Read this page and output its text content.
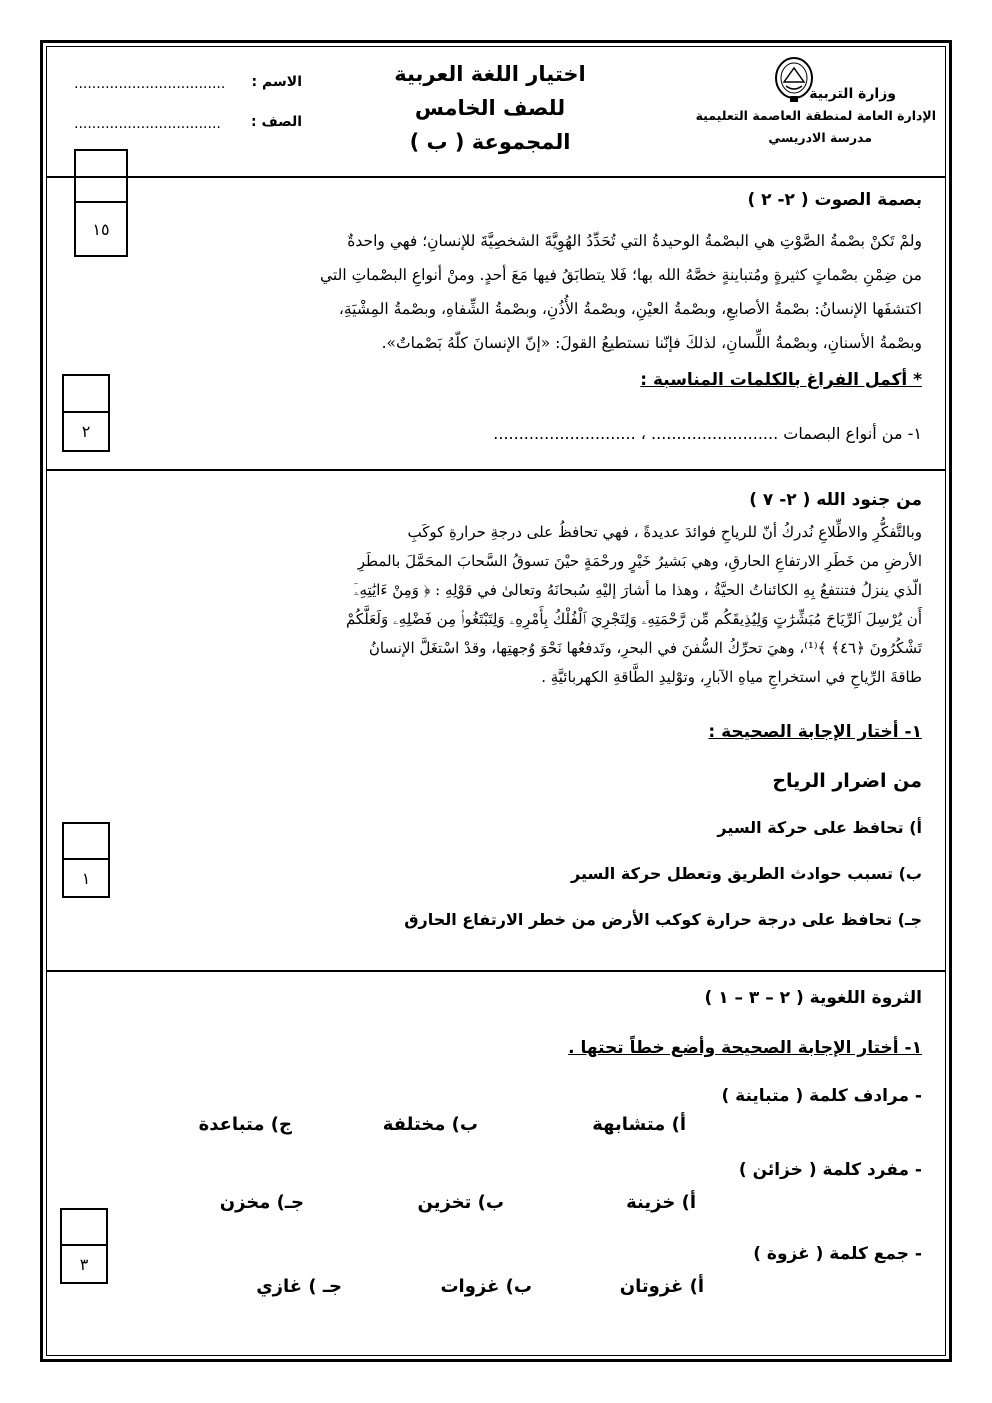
وزارة التربية
الإدارة العامة لمنطقة العاصمة التعليمية
مدرسة الادريسي
اختيار اللغة العربية
للصف الخامس
المجموعة ( ب )
الاسم :
..................................
الصف :
.................................
١٥
بصمة الصوت ( ٢- ٢ )
ولمْ تَكنْ بصْمةُ الصَّوْتِ هي البصْمةُ الوحيدةُ التي تُحَدِّدُ الهُوِيَّةَ الشخصِيَّةَ للإنسانِ؛ فهي واحدةٌ
من ضِمْنِ بصْماتٍ كثيرةٍ ومُتباينةٍ خصَّهُ الله بها؛ فَلا يتطابَقُ فيها مَعَ أحدٍ. ومنْ أنواعِ البصْماتِ التي
اكتشفَها الإنسانُ: بصْمةُ الأصابعِ، وبصْمةُ العيْنِ، وبصْمةُ الأُذُنِ، وبصْمةُ الشِّفاهِ، وبصْمةُ المِشْيَةِ،
وبصْمةُ الأسنانِ، وبصْمةُ اللِّسانِ، لذلكَ فإنّنا نستطيعُ القولَ: «إنّ الإنسانَ كلّهُ بَصْماتٌ».
* أكمل الفراغ بالكلمات المناسبة :
١- من أنواع البصمات ......................... ، ............................
٢
من جنود الله ( ٢- ٧ )
وبالتَّفكُّرِ والاطِّلاعِ نُدركُ أنّ للرياحِ فوائدَ عديدةً ، فهي تحافظُ على درجةِ حرارةِ كوكَبِ
الأرضِ من خَطَرِ الارتفاعِ الحارقِ، وهي بَشيرُ خَيْرٍ ورحْمَةٍ حيْنَ تسوقُ السَّحابَ المحَمَّلَ بالمطَرِ
الّذي ينزلُ فتنتفعُ بِهِ الكائناتُ الحيَّةُ ، وهذا ما أشارَ إليْهِ سُبحانَهُ وتعالىٰ في قوْلِهِ : ﴿ وَمِنْ ءَايَٰتِهِۦٓ
أَن يُرْسِلَ ٱلرِّيَاحَ مُبَشِّرَٰتٍ وَلِيُذِيقَكُم مِّن رَّحْمَتِهِۦ وَلِتَجْرِيَ ٱلْفُلْكُ بِأَمْرِهِۦ وَلِتَبْتَغُوا۟ مِن فَضْلِهِۦ وَلَعَلَّكُمْ
تَشْكُرُونَ ﴿٤٦﴾ ﴾⁽¹⁾، وهيَ تحرِّكُ السُّفنَ في البحرِ، وتَدفعُها نَحْوَ وُجهتِها، وقدْ اسْتغَلَّ الإنسانُ
طاقةَ الرِّياحِ في استخراجِ مياهِ الآبارِ، وتوْليدِ الطَّاقةِ الكهربائيَّةِ .
١- أختار الإجابة الصحيحة :
من اضرار الرياح
أ) تحافظ على حركة السير
ب) تسبب حوادث الطريق وتعطل حركة السير
جـ) تحافظ على درجة حرارة كوكب الأرض من خطر الارتفاع الحارق
١
الثروة اللغوية ( ٢ – ٣ – ١ )
١- أختار الإجابة الصحيحة وأضع خطاً تحتها .
- مرادف كلمة ( متباينة )
أ) متشابهة
ب) مختلفة
ج) متباعدة
- مفرد كلمة ( خزائن )
أ) خزينة
ب) تخزين
جـ) مخزن
- جمع كلمة ( غزوة )
أ) غزوتان
ب) غزوات
جـ ) غازي
٣
